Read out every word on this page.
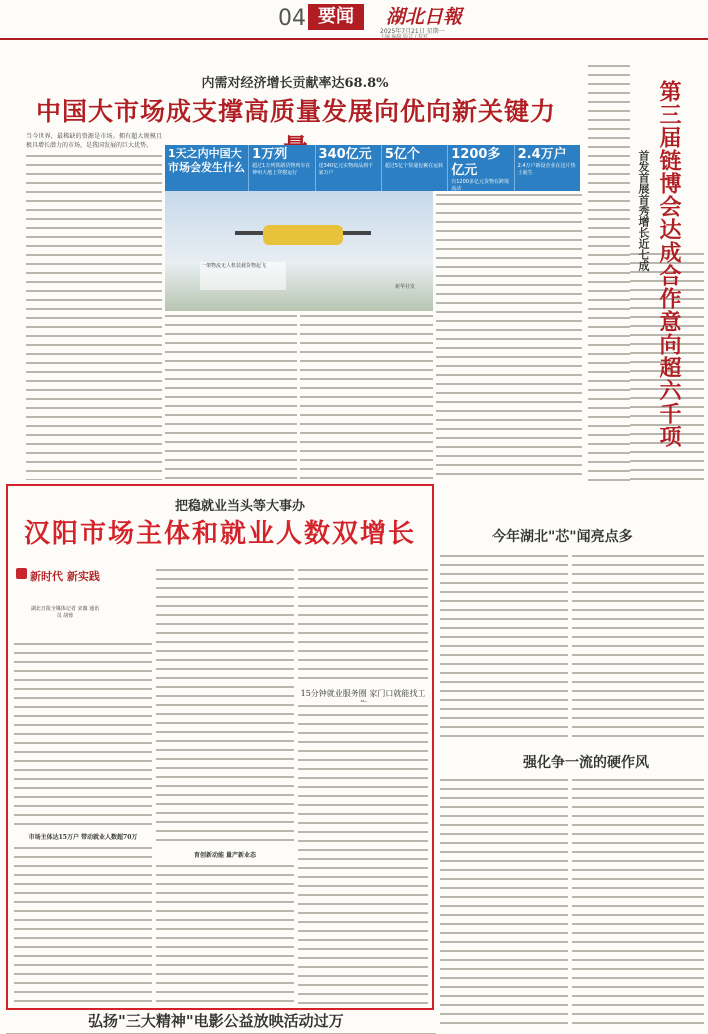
04 要闻	湖北日報
2025年7月21日 星期一
主编 编辑 版式 / 校对
第三届链博会达成合作意向超六千项
首发首展首秀增长近七成
内需对经济增长贡献率达68.8%
中国大市场成支撑高质量发展向优向新关键力
当今世界，最稀缺的资源是市场。拥有超大规模且极具增长潜力的市场，是我国发展的巨大优势。
1天之内中国大市场会发生什么
1万列
超过1万列铁路货物列车在神州大地上穿梭运行
340亿元
送340亿元实物商品到千家万户
5亿个
超过5亿个快递包裹在运转
1200多亿元
有1200多亿元货物在跨境流动
2.4万户
2.4万户新设企业在这片热土诞生
一架物流无人机装载货物起飞
新华社发
把稳就业当头等大事办
汉阳市场主体和就业人数双增长
新时代 新实践
湖北日报全媒体记者 宋薇 通讯员 胡蓉
市场主体达15万户 带动就业人数超70万
育创新动能 量产新业态
15分钟就业服务圈 家门口就能找工
今年湖北"芯"闻亮点多
强化争一流的硬作风
弘扬"三大精神"电影公益放映活动过万
